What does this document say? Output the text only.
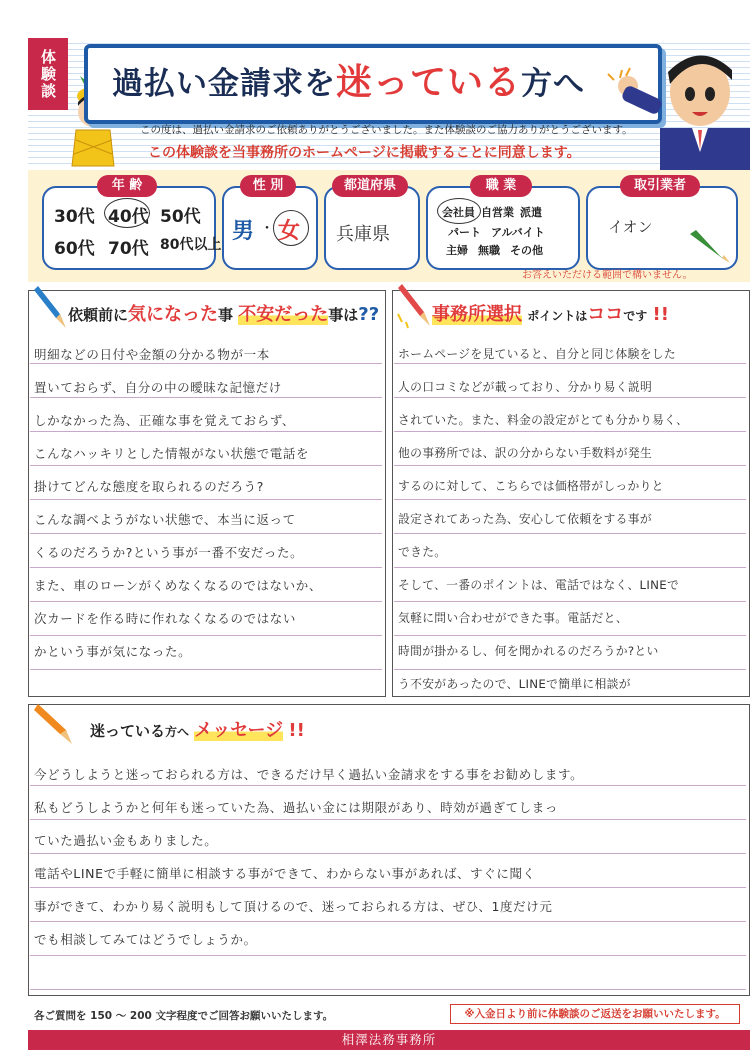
体験談 過払い金請求を迷っている方へ
この度は、過払い金請求のご依頼ありがとうございました。また体験談のご協力ありがとうございます。
この体験談を当事務所のホームページに掲載することに同意します。
年 齢
30代 40代 50代
60代 70代 80代以上
性 別
男 ・ 女
都道府県
兵庫県
職 業
会社員 自営業 派遣
パート アルバイト
主婦 無職 その他
取引業者
イオン
お答えいただける範囲で構いません。
依頼前に気になった事 不安だった事は??
明細などの日付や金額の分かる物が一本
置いておらず、自分の中の曖昧な記憶だけ
しかなかった為、正確な事を覚えておらず、
こんなハッキリとした情報がない状態で電話を
掛けてどんな態度を取られるのだろう?
こんな調べようがない状態で、本当に返って
くるのだろうか?という事が一番不安だった。
また、車のローンがくめなくなるのではないか、
次カードを作る時に作れなくなるのではない
かという事が気になった。
事務所選択 ポイントはココです !!
ホームページを見ていると、自分と同じ体験をした
人の口コミなどが載っており、分かり易く説明
されていた。また、料金の設定がとても分かり易く、
他の事務所では、訳の分からない手数料が発生
するのに対して、こちらでは価格帯がしっかりと
設定されてあった為、安心して依頼をする事が
できた。
そして、一番のポイントは、電話ではなく、LINEで
気軽に問い合わせができた事。電話だと、
時間が掛かるし、何を聞かれるのだろうか?とい
う不安があったので、LINEで簡単に相談が
迷っている方へ メッセージ !!
今どうしようと迷っておられる方は、できるだけ早く過払い金請求をする事をお勧めします。
私もどうしようかと何年も迷っていた為、過払い金には期限があり、時効が過ぎてしまっ
ていた過払い金もありました。
電話やLINEで手軽に簡単に相談する事ができて、わからない事があれば、すぐに聞く
事ができて、わかり易く説明もして頂けるので、迷っておられる方は、ぜひ、1度だけ元
でも相談してみてはどうでしょうか。
各ご質問を 150 ～ 200 文字程度でご回答お願いいたします。	※入金日より前に体験談のご返送をお願いいたします。
相澤法務事務所
